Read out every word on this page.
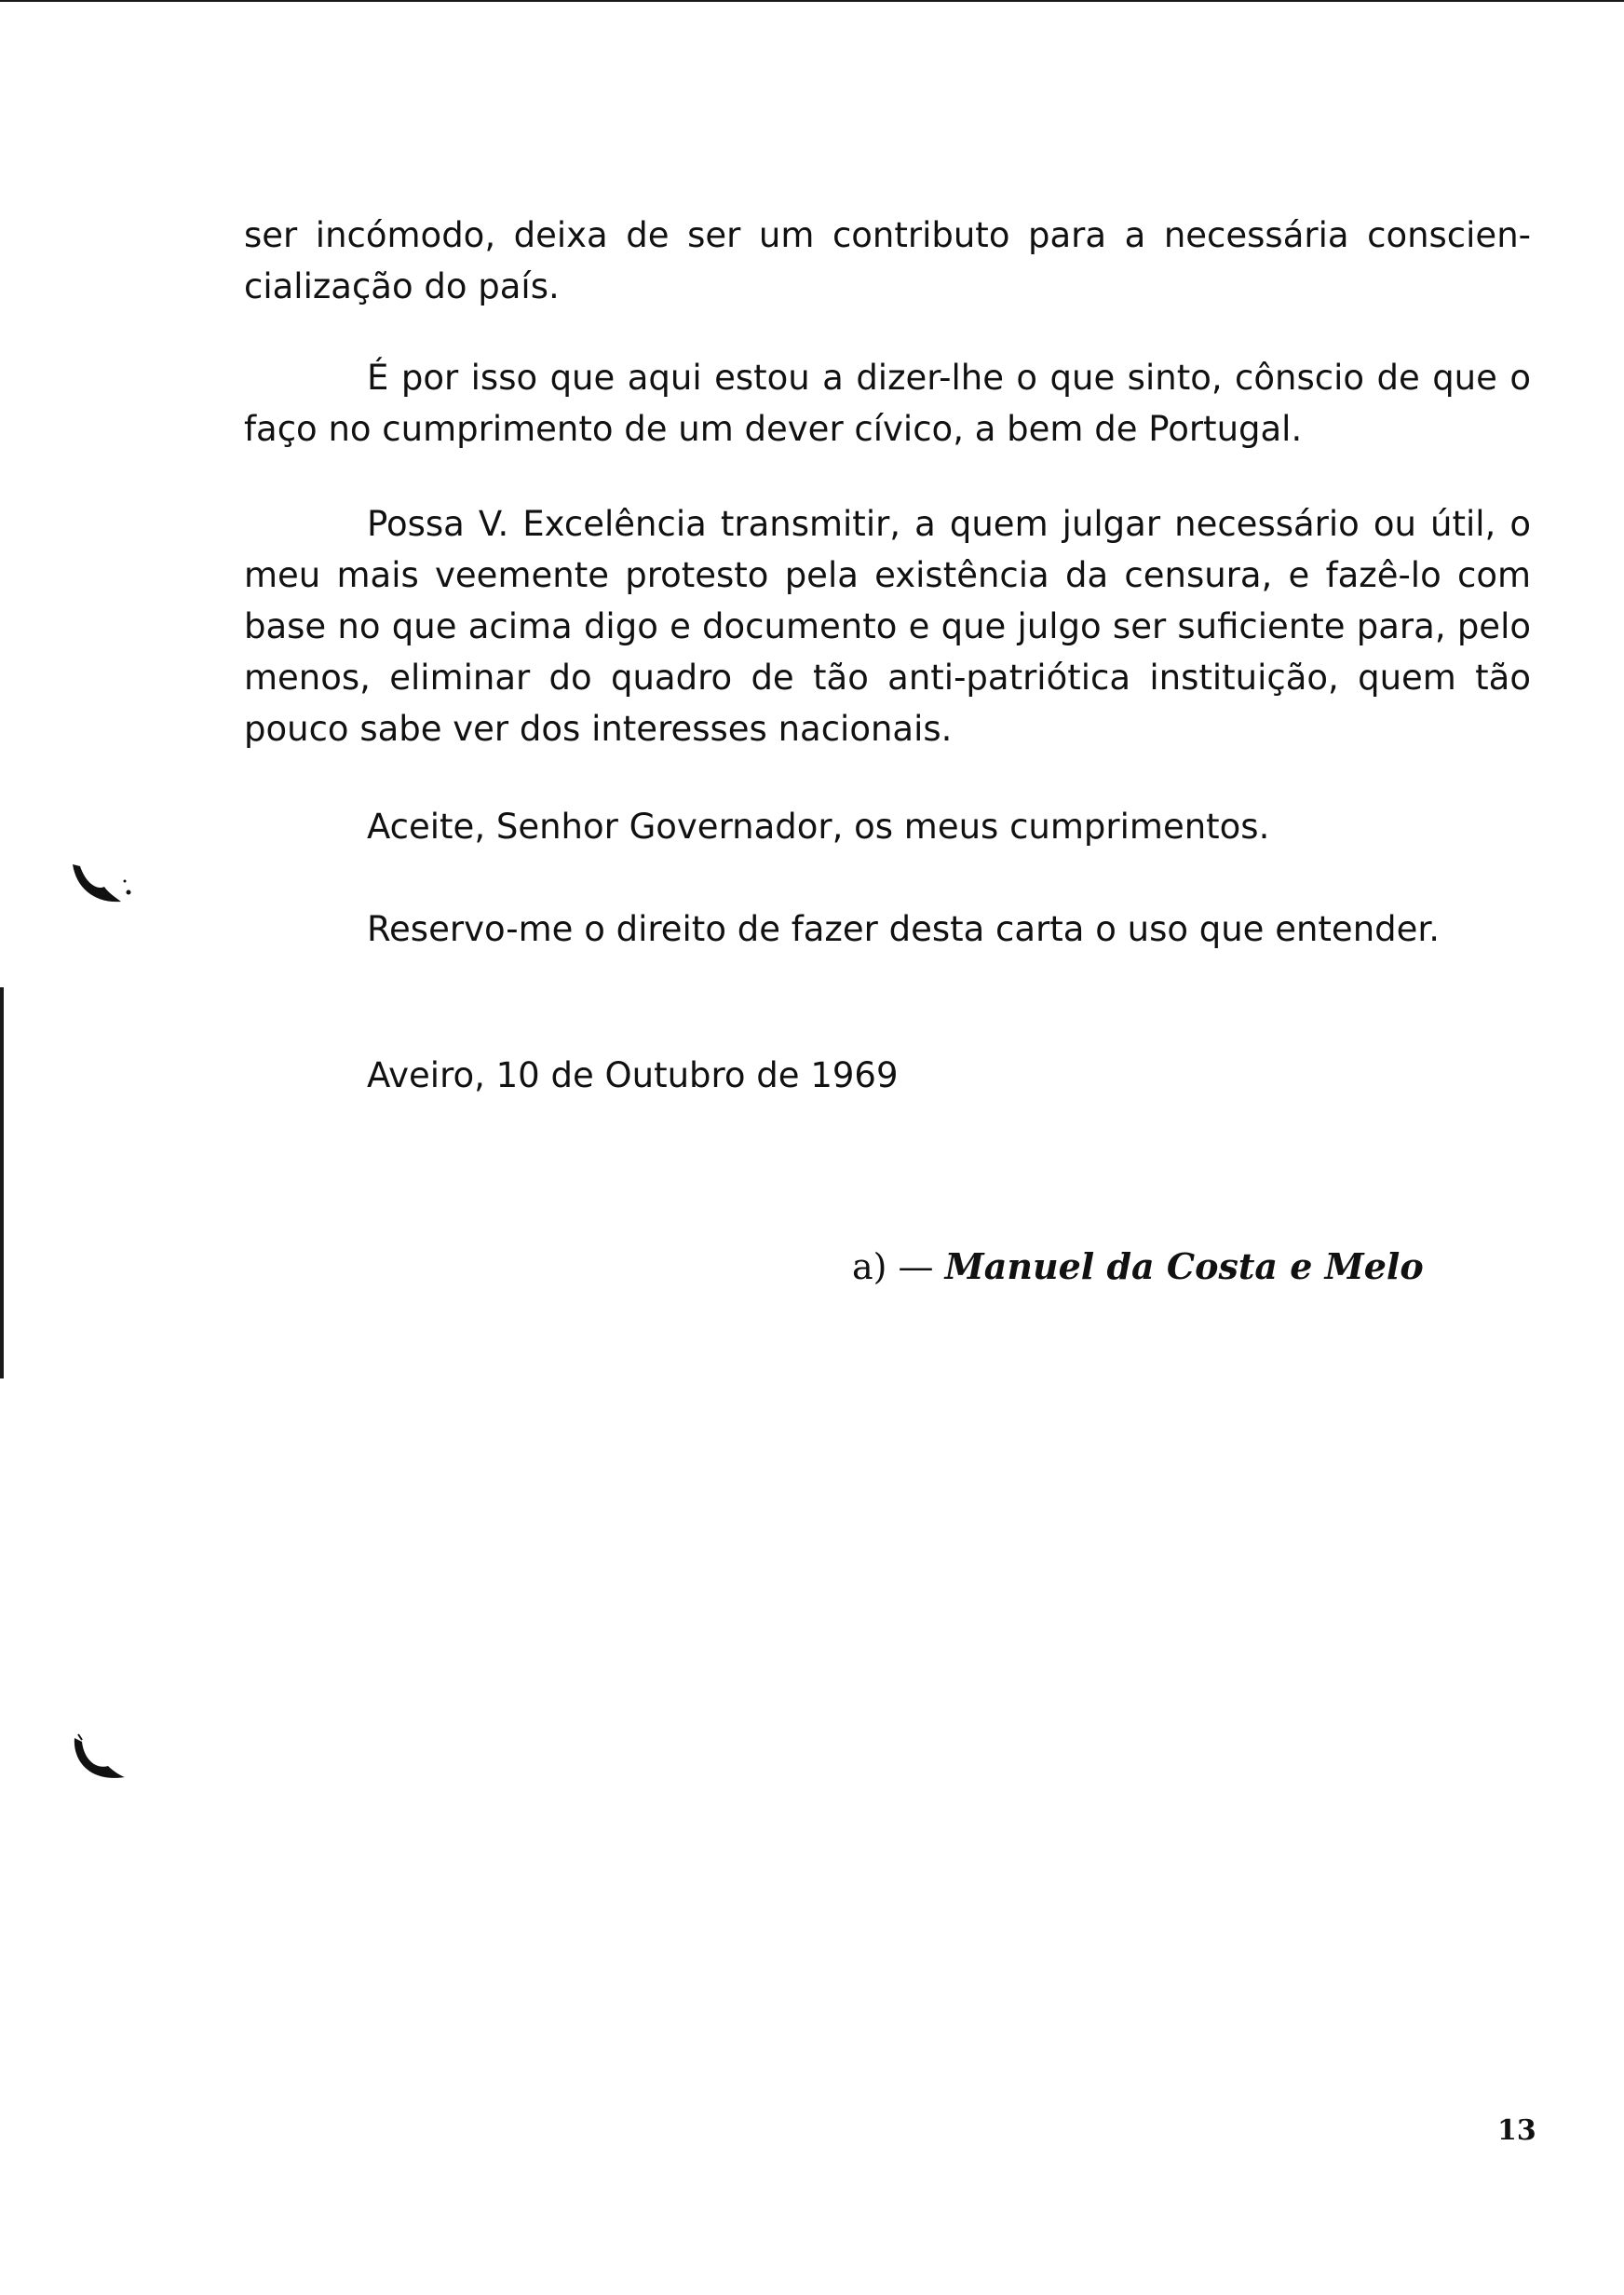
ser incómodo, deixa de ser um contributo para a necessária conscien-cialização do país.

É por isso que aqui estou a dizer-lhe o que sinto, cônscio de que o faço no cumprimento de um dever cívico, a bem de Portugal.

Possa V. Excelência transmitir, a quem julgar necessário ou útil, o meu mais veemente protesto pela existência da censura, e fazê-lo com base no que acima digo e documento e que julgo ser suficiente para, pelo menos, eliminar do quadro de tão anti-patriótica instituição, quem tão pouco sabe ver dos interesses nacionais.

Aceite, Senhor Governador, os meus cumprimentos.

Reservo-me o direito de fazer desta carta o uso que entender.

Aveiro, 10 de Outubro de 1969

a) — Manuel da Costa e Melo
13
